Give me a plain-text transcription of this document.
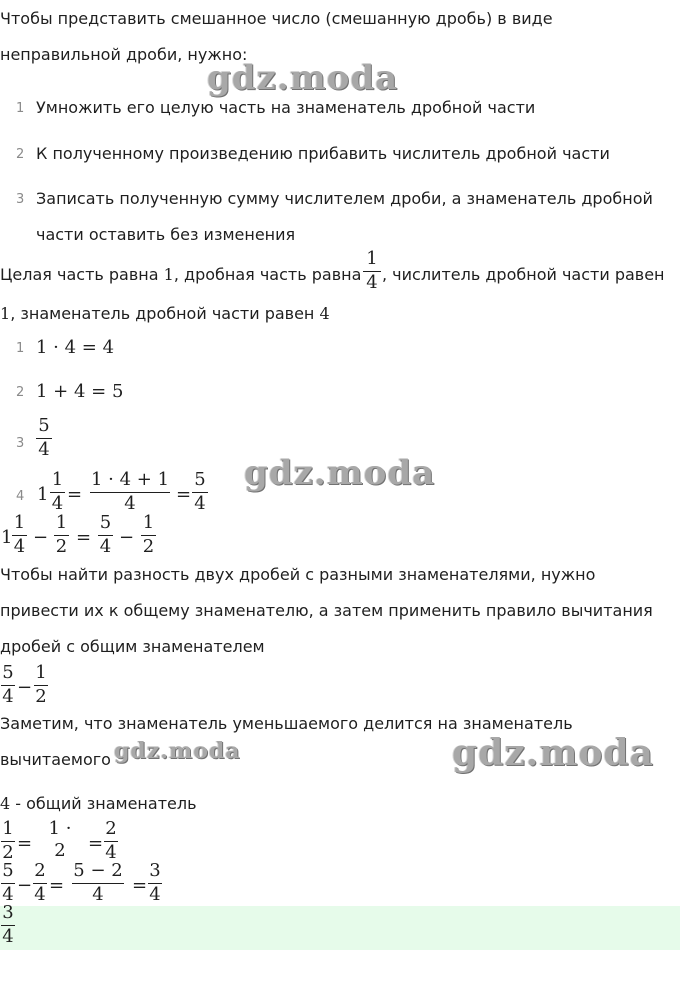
Чтобы представить смешанное число (смешанную дробь) в виде
неправильной дроби, нужно:
1 Умножить его целую часть на знаменатель дробной части
2 К полученному произведению прибавить числитель дробной части
3 Записать полученную сумму числителем дроби, а знаменатель дробной
части оставить без изменения
Целая часть равна 1, дробная часть равна $\frac{1}{4}$ , числитель дробной части равен
1, знаменатель дробной части равен 4
1 1 · 4 = 4
2 1 + 4 = 5
$3 \frac{5}{4}$
4 $1 \frac{1}{4} = \frac{1 \cdot 4 + 1}{4} = \frac{5}{4}$
$1 \frac{1}{4} - \frac{1}{2} = \frac{5}{4} - \frac{1}{2}$
Чтобы найти разность двух дробей с разными знаменателями, нужно
привести их к общему знаменателю, а затем применить правило вычитания
дробей с общим знаменателем
$\frac{5}{4} - \frac{1}{2}$
Заметим, что знаменатель уменьшаемого делится на знаменатель
вычитаемого
4 - общий знаменатель
$\frac{1}{2}$ =
1 · 2	= $\frac{2}{4}$
$\frac{5}{4} - \frac{2}{4} = \frac{5 - 2}{4} = \frac{3}{4}$
$\frac{3}{4}$
gdz.moda
gdz.moda
gdz.moda	gdz.moda
